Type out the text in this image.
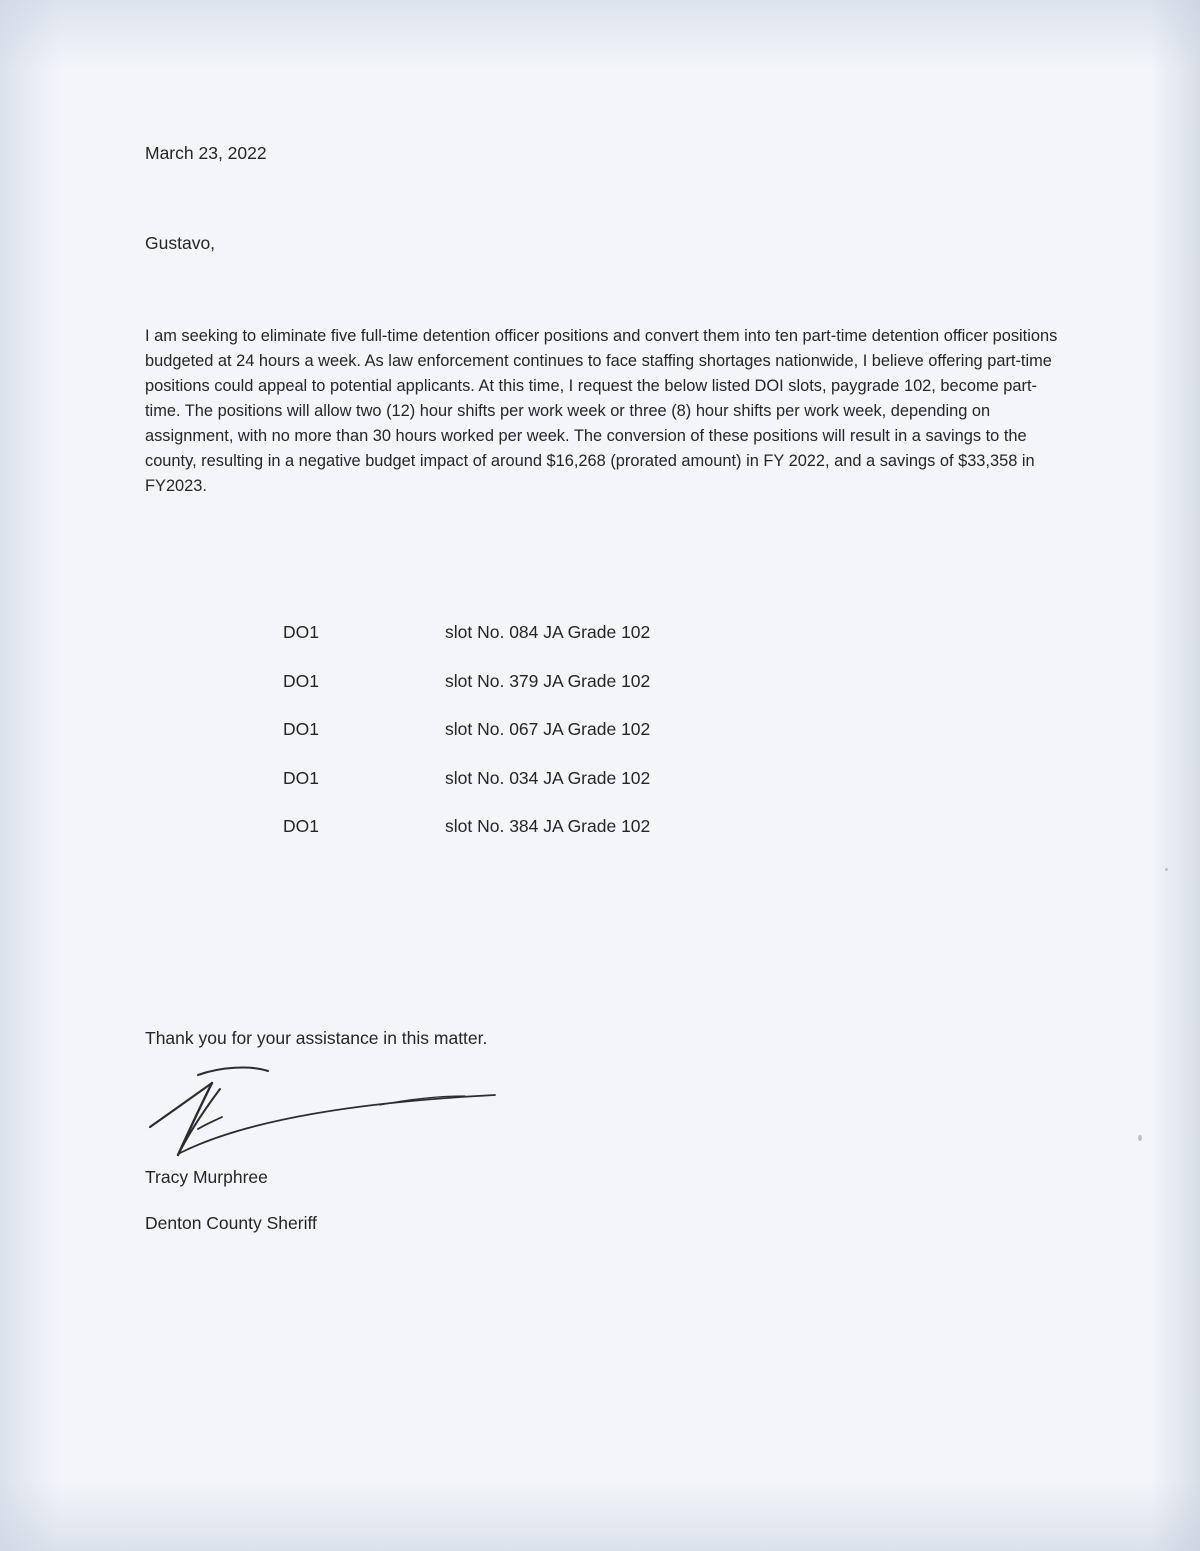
March 23, 2022
Gustavo,
I am seeking to eliminate five full-time detention officer positions and convert them into ten part-time detention officer positions budgeted at 24 hours a week. As law enforcement continues to face staffing shortages nationwide, I believe offering part-time positions could appeal to potential applicants. At this time, I request the below listed DOI slots, paygrade 102, become part-time. The positions will allow two (12) hour shifts per work week or three (8) hour shifts per work week, depending on assignment, with no more than 30 hours worked per week. The conversion of these positions will result in a savings to the county, resulting in a negative budget impact of around $16,268 (prorated amount) in FY 2022, and a savings of $33,358 in FY2023.
DO1	slot No. 084 JA Grade 102
DO1	slot No. 379 JA Grade 102
DO1	slot No. 067 JA Grade 102
DO1	slot No. 034 JA Grade 102
DO1	slot No. 384 JA Grade 102
Thank you for your assistance in this matter.
Tracy Murphree
Denton County Sheriff
